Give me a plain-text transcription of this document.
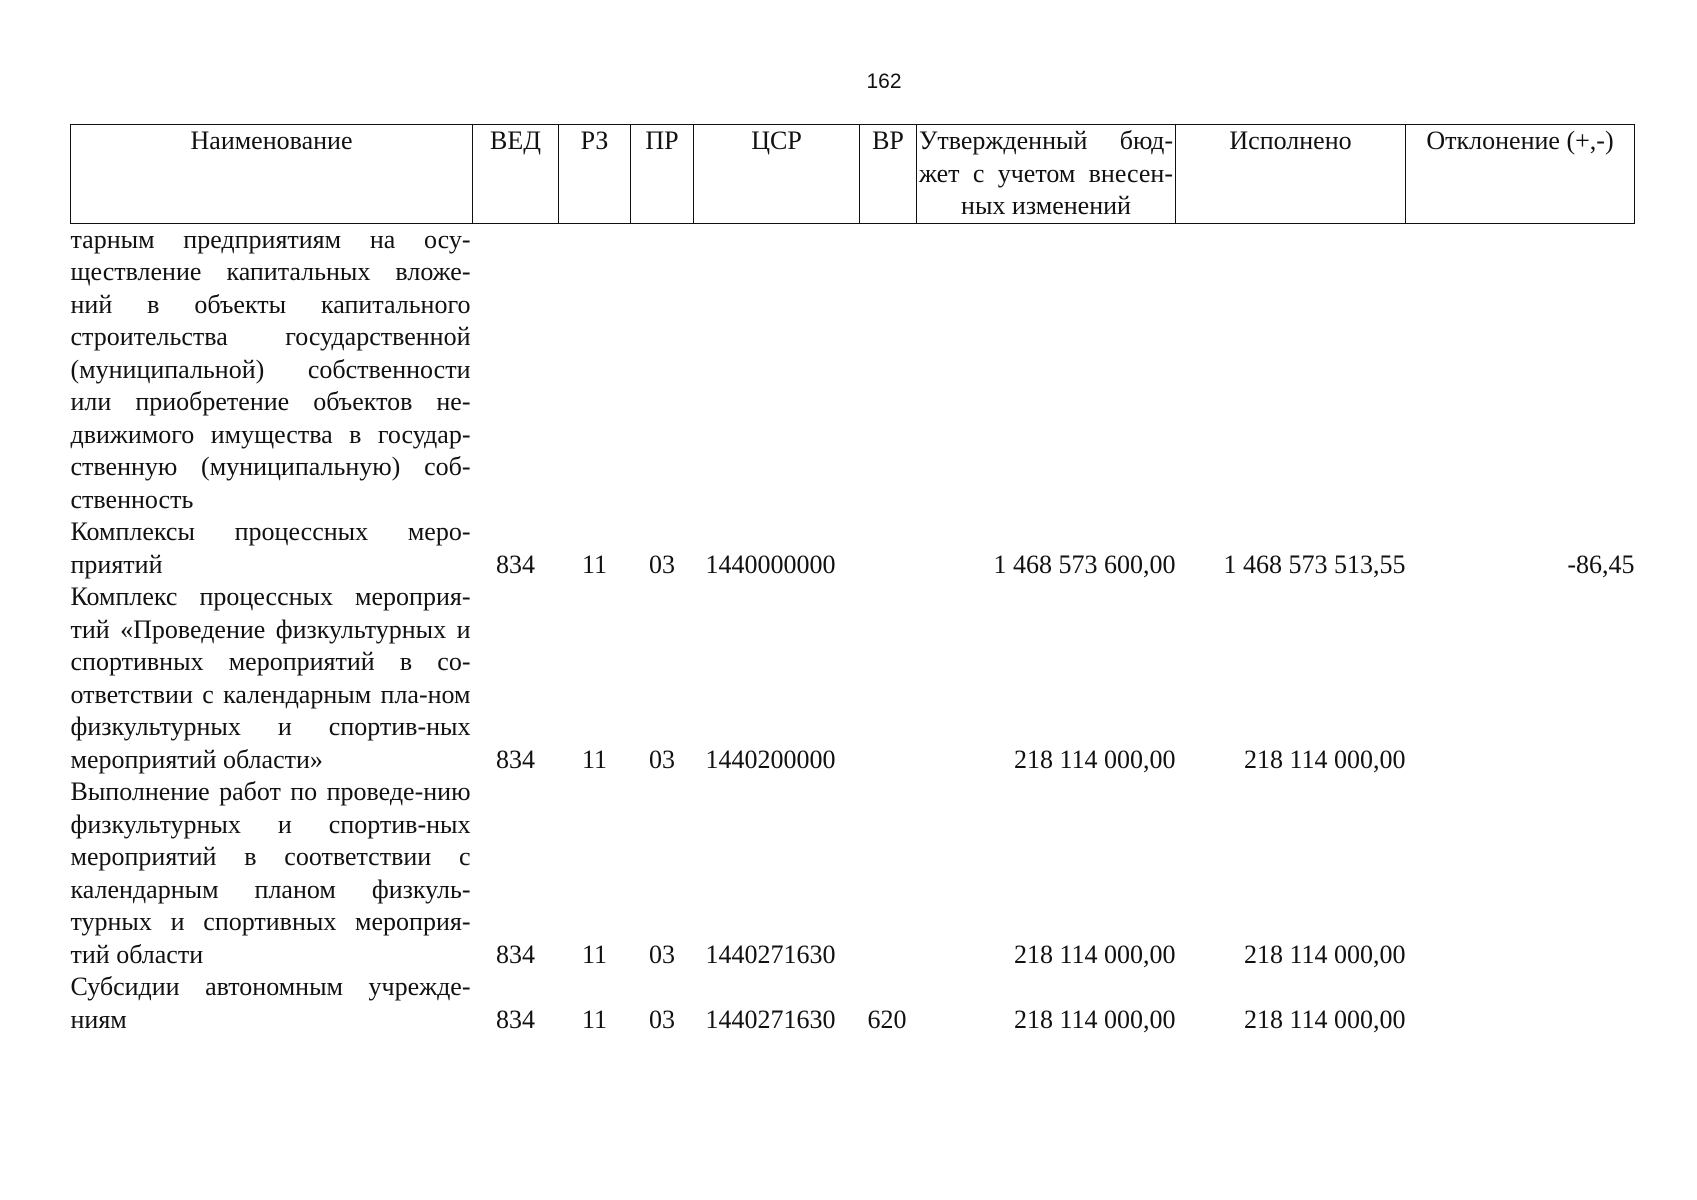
162
Наименование	ВЕД	РЗ	ПР	ЦСР	ВР	Утвержденный бюд-жет с учетом внесен-ных изменений	Исполнено	Отклонение (+,-)
тарным предприятиям на осу-ществление капитальных вложе-ний в объекты капитального строительства государственной (муниципальной) собственности или приобретение объектов не-движимого имущества в государ-ственную (муниципальную) соб-ственность								
Комплексы процессных меро-приятий	834	11	03	1440000000		1 468 573 600,00	1 468 573 513,55	-86,45
Комплекс процессных мероприя-тий «Проведение физкультурных и спортивных мероприятий в со-ответствии с календарным пла-ном физкультурных и спортив-ных мероприятий области»	834	11	03	1440200000		218 114 000,00	218 114 000,00	
Выполнение работ по проведе-нию физкультурных и спортив-ных мероприятий в соответствии с календарным планом физкуль-турных и спортивных мероприя-тий области	834	11	03	1440271630		218 114 000,00	218 114 000,00	
Субсидии автономным учрежде-ниям	834	11	03	1440271630	620	218 114 000,00	218 114 000,00	
